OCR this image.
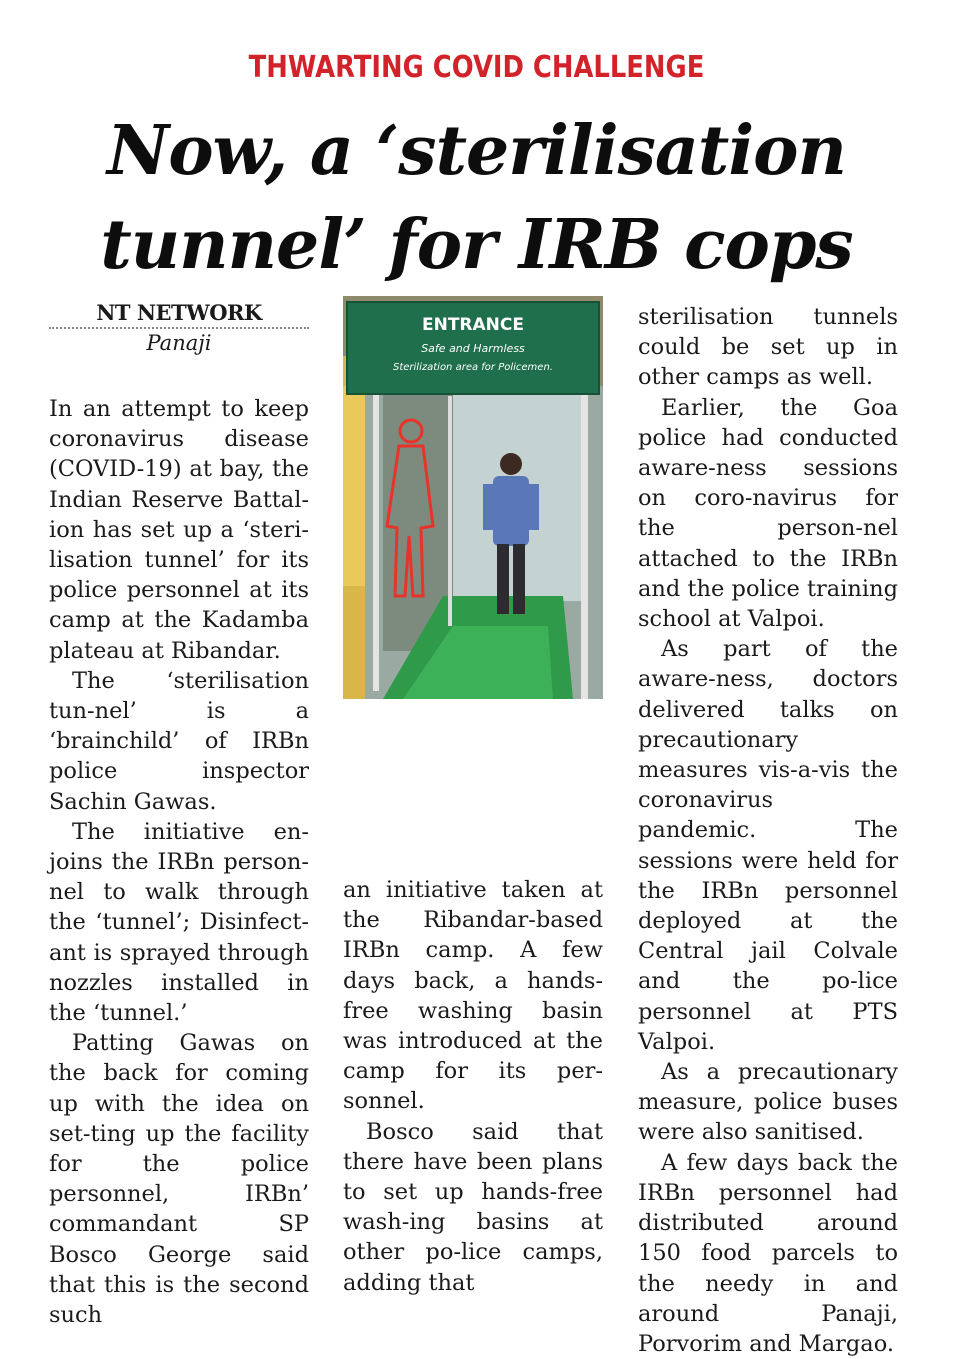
THWARTING COVID CHALLENGE
Now, a ‘sterilisation
tunnel’ for IRB cops
NT NETWORK
Panaji

In an attempt to keep coronavirus disease (COVID-19) at bay, the Indian Reserve Battal-ion has set up a ‘steri-lisation tunnel’ for its police personnel at its camp at the Kadamba plateau at Ribandar.

The ‘sterilisation tun-nel’ is a ‘brainchild’ of IRBn police inspector Sachin Gawas.

The initiative en-joins the IRBn person-nel to walk through the ‘tunnel’; Disinfect-ant is sprayed through nozzles installed in the ‘tunnel.’

Patting Gawas on the back for coming up with the idea on set-ting up the facility for the police personnel, IRBn’ commandant SP Bosco George said that this is the second such

ENTRANCE
Safe and Harmless
Sterilization area for Policemen.

an initiative taken at the Ribandar-based IRBn camp. A few days back, a hands-free washing basin was introduced at the camp for its per-sonnel.

Bosco said that there have been plans to set up hands-free wash-ing basins at other po-lice camps, adding that

sterilisation tunnels could be set up in other camps as well.

Earlier, the Goa police had conducted aware-ness sessions on coro-navirus for the person-nel attached to the IRBn and the police training school at Valpoi.

As part of the aware-ness, doctors delivered talks on precautionary measures vis-a-vis the coronavirus pandemic. The sessions were held for the IRBn personnel deployed at the Central jail Colvale and the po-lice personnel at PTS Valpoi.

As a precautionary measure, police buses were also sanitised.

A few days back the IRBn personnel had distributed around 150 food parcels to the needy in and around Panaji, Porvorim and Margao.
